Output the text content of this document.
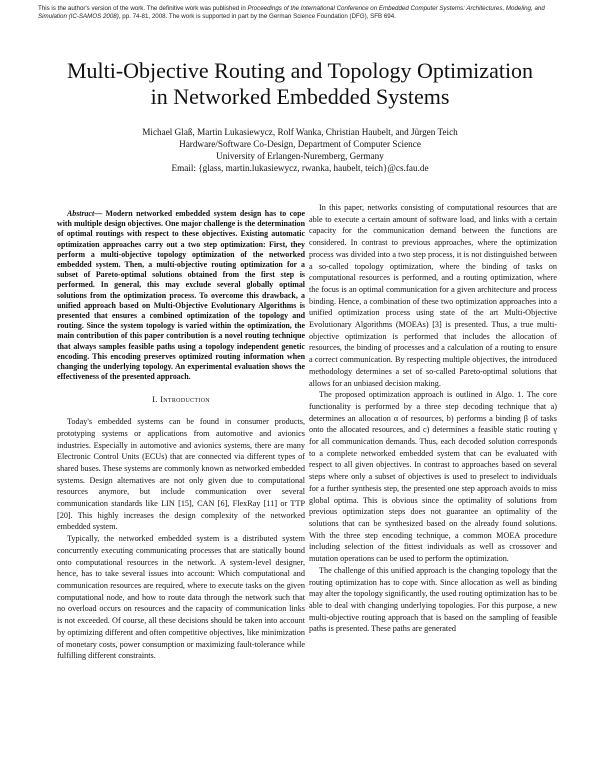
This is the author's version of the work. The definitive work was published in Proceedings of the International Conference on Embedded Computer Systems: Architectures, Modeling, and Simulation (IC-SAMOS 2008), pp. 74-81, 2008. The work is supported in part by the German Science Foundation (DFG), SFB 694.
Multi-Objective Routing and Topology Optimization
in Networked Embedded Systems
Michael Glaß, Martin Lukasiewycz, Rolf Wanka, Christian Haubelt, and Jürgen Teich
Hardware/Software Co-Design, Department of Computer Science
University of Erlangen-Nuremberg, Germany
Email: {glass, martin.lukasiewycz, rwanka, haubelt, teich}@cs.fau.de

Abstract— Modern networked embedded system design has to cope with multiple design objectives. One major challenge is the determination of optimal routings with respect to these objectives. Existing automatic optimization approaches carry out a two step optimization: First, they perform a multi-objective topology optimization of the networked embedded system. Then, a multi-objective routing optimization for a subset of Pareto-optimal solutions obtained from the first step is performed. In general, this may exclude several globally optimal solutions from the optimization process. To overcome this drawback, a unified approach based on Multi-Objective Evolutionary Algorithms is presented that ensures a combined optimization of the topology and routing. Since the system topology is varied within the optimization, the main contribution of this paper contribution is a novel routing technique that always samples feasible paths using a topology independent genetic encoding. This encoding preserves optimized routing information when changing the underlying topology. An experimental evaluation shows the effectiveness of the presented approach.

I. Introduction

Today's embedded systems can be found in consumer products, prototyping systems or applications from automotive and avionics industries. Especially in automotive and avionics systems, there are many Electronic Control Units (ECUs) that are connected via different types of shared buses. These systems are commonly known as networked embedded systems. Design alternatives are not only given due to computational resources anymore, but include communication over several communication standards like LIN [15], CAN [6], FlexRay [11] or TTP [20]. This highly increases the design complexity of the networked embedded system.

Typically, the networked embedded system is a distributed system concurrently executing communicating processes that are statically bound onto computational resources in the network. A system-level designer, hence, has to take several issues into account: Which computational and communication resources are required, where to execute tasks on the given computational node, and how to route data through the network such that no overload occurs on resources and the capacity of communication links is not exceeded. Of course, all these decisions should be taken into account by optimizing different and often competitive objectives, like minimization of monetary costs, power consumption or maximizing fault-tolerance while fulfilling different constraints.

In this paper, networks consisting of computational resources that are able to execute a certain amount of software load, and links with a certain capacity for the communication demand between the functions are considered. In contrast to previous approaches, where the optimization process was divided into a two step process, it is not distinguished between a so-called topology optimization, where the binding of tasks on computational resources is performed, and a routing optimization, where the focus is an optimal communication for a given architecture and process binding. Hence, a combination of these two optimization approaches into a unified optimization process using state of the art Multi-Objective Evolutionary Algorithms (MOEAs) [3] is presented. Thus, a true multi-objective optimization is performed that includes the allocation of resources, the binding of processes and a calculation of a routing to ensure a correct communication. By respecting multiple objectives, the introduced methodology determines a set of so-called Pareto-optimal solutions that allows for an unbiased decision making.

The proposed optimization approach is outlined in Algo. 1. The core functionality is performed by a three step decoding technique that a) determines an allocation α of resources, b) performs a binding β of tasks onto the allocated resources, and c) determines a feasible static routing γ for all communication demands. Thus, each decoded solution corresponds to a complete networked embedded system that can be evaluated with respect to all given objectives. In contrast to approaches based on several steps where only a subset of objectives is used to preselect to individuals for a further synthesis step, the presented one step approach avoids to miss global optima. This is obvious since the optimality of solutions from previous optimization steps does not guarantee an optimality of the solutions that can be synthesized based on the already found solutions. With the three step encoding technique, a common MOEA procedure including selection of the fittest individuals as well as crossover and mutation operations can be used to perform the optimization.

The challenge of this unified approach is the changing topology that the routing optimization has to cope with. Since allocation as well as binding may alter the topology significantly, the used routing optimization has to be able to deal with changing underlying topologies. For this purpose, a new multi-objective routing approach that is based on the sampling of feasible paths is presented. These paths are generated
